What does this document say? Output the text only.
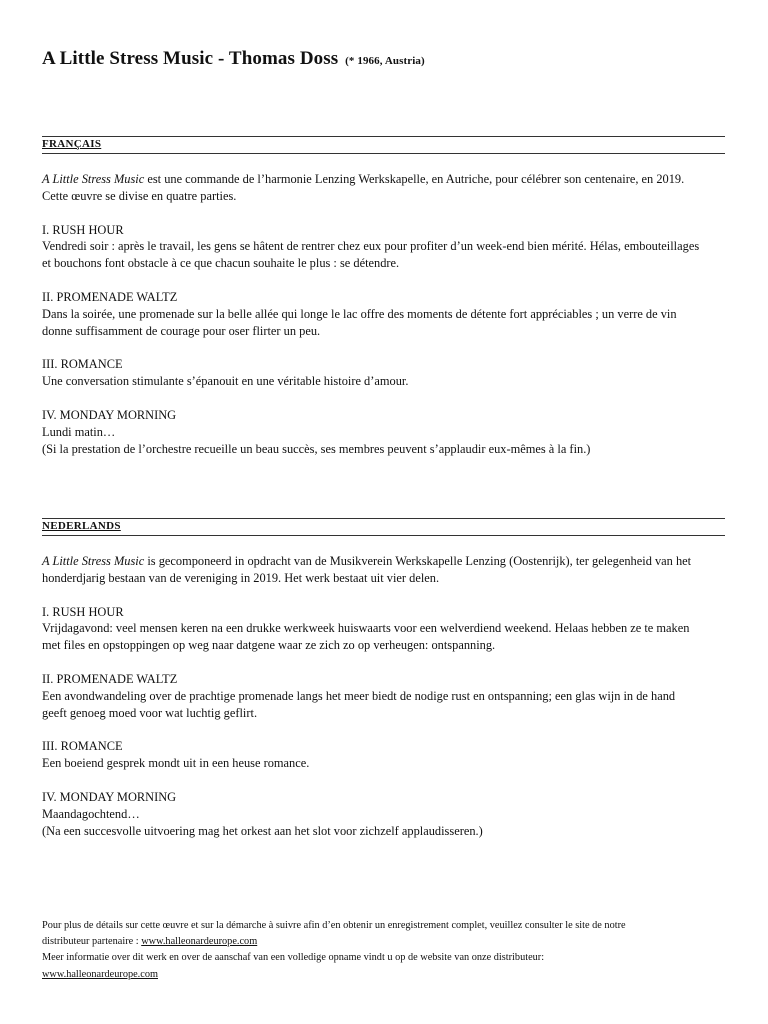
A Little Stress Music - Thomas Doss (* 1966, Austria)
FRANÇAIS

A Little Stress Music est une commande de l’harmonie Lenzing Werkskapelle, en Autriche, pour célébrer son centenaire, en 2019.
Cette œuvre se divise en quatre parties.

I. RUSH HOUR
Vendredi soir : après le travail, les gens se hâtent de rentrer chez eux pour profiter d’un week-end bien mérité. Hélas, embouteillages
et bouchons font obstacle à ce que chacun souhaite le plus : se détendre.
II. PROMENADE WALTZ
Dans la soirée, une promenade sur la belle allée qui longe le lac offre des moments de détente fort appréciables ; un verre de vin
donne suffisamment de courage pour oser flirter un peu.
III. ROMANCE
Une conversation stimulante s’épanouit en une véritable histoire d’amour.
IV. MONDAY MORNING
Lundi matin…
(Si la prestation de l’orchestre recueille un beau succès, ses membres peuvent s’applaudir eux-mêmes à la fin.)
NEDERLANDS

A Little Stress Music is gecomponeerd in opdracht van de Musikverein Werkskapelle Lenzing (Oostenrijk), ter gelegenheid van het
honderdjarig bestaan van de vereniging in 2019. Het werk bestaat uit vier delen.

I. RUSH HOUR
Vrijdagavond: veel mensen keren na een drukke werkweek huiswaarts voor een welverdiend weekend. Helaas hebben ze te maken
met files en opstoppingen op weg naar datgene waar ze zich zo op verheugen: ontspanning.
II. PROMENADE WALTZ
Een avondwandeling over de prachtige promenade langs het meer biedt de nodige rust en ontspanning; een glas wijn in de hand
geeft genoeg moed voor wat luchtig geflirt.
III. ROMANCE
Een boeiend gesprek mondt uit in een heuse romance.
IV. MONDAY MORNING
Maandagochtend…
(Na een succesvolle uitvoering mag het orkest aan het slot voor zichzelf applaudisseren.)
Pour plus de détails sur cette œuvre et sur la démarche à suivre afin d’en obtenir un enregistrement complet, veuillez consulter le site de notre
distributeur partenaire : www.halleonardeurope.com
Meer informatie over dit werk en over de aanschaf van een volledige opname vindt u op de website van onze distributeur:
www.halleonardeurope.com
